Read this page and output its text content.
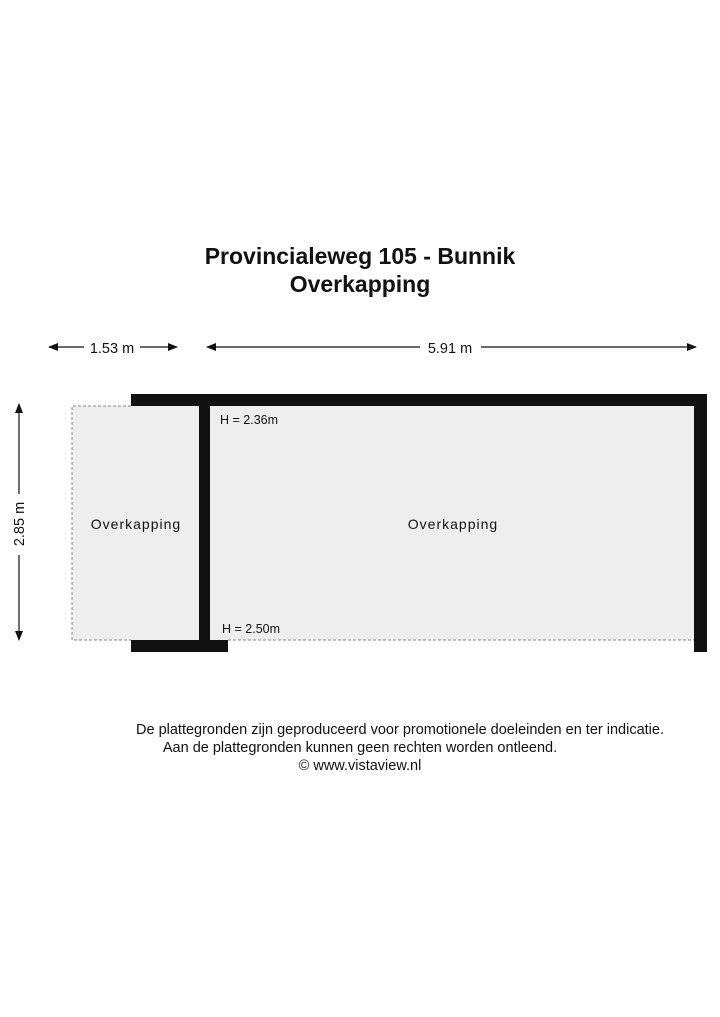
Provincialeweg 105 - Bunnik
Overkapping
1.53 m	5.91 m
2.85 m	Overkapping	Overkapping
H = 2.36m
H = 2.50m
De plattegronden zijn geproduceerd voor promotionele doeleinden en ter indicatie.
Aan de plattegronden kunnen geen rechten worden ontleend.
© www.vistaview.nl
